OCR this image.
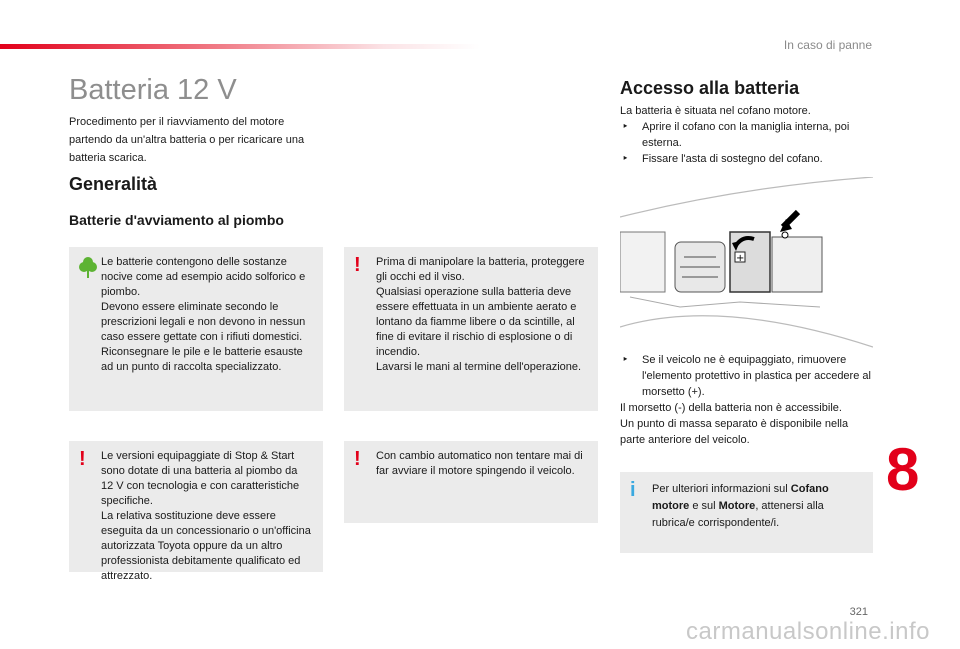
In caso di panne
Batteria 12 V
Procedimento per il riavviamento del motore partendo da un'altra batteria o per ricaricare una batteria scarica.
Generalità
Batterie d'avviamento al piombo

Le batterie contengono delle sostanze nocive come ad esempio acido solforico e piombo.

Devono essere eliminate secondo le prescrizioni legali e non devono in nessun caso essere gettate con i rifiuti domestici.

Riconsegnare le pile e le batterie esauste ad un punto di raccolta specializzato.

!	Prima di manipolare la batteria, proteggere gli occhi ed il viso.

Qualsiasi operazione sulla batteria deve essere effettuata in un ambiente aerato e lontano da fiamme libere o da scintille, al fine di evitare il rischio di esplosione o di incendio.

Lavarsi le mani al termine dell'operazione.

!	Le versioni equipaggiate di Stop & Start sono dotate di una batteria al piombo da 12 V con tecnologia e con caratteristiche specifiche.

La relativa sostituzione deve essere eseguita da un concessionario o un'officina autorizzata Toyota oppure da un altro professionista debitamente qualificato ed attrezzato.

!	Con cambio automatico non tentare mai di far avviare il motore spingendo il veicolo.

Accesso alla batteria
La batteria è situata nel cofano motore.
‣ Aprire il cofano con la maniglia interna, poi esterna.
‣ Fissare l'asta di sostegno del cofano.
+
‣ Se il veicolo ne è equipaggiato, rimuovere l'elemento protettivo in plastica per accedere al morsetto (+).
Il morsetto (-) della batteria non è accessibile.
Un punto di massa separato è disponibile nella parte anteriore del veicolo.
i	Per ulteriori informazioni sul Cofano motore e sul Motore, attenersi alla rubrica/e corrispondente/i.

8
321
carmanualsonline.info
